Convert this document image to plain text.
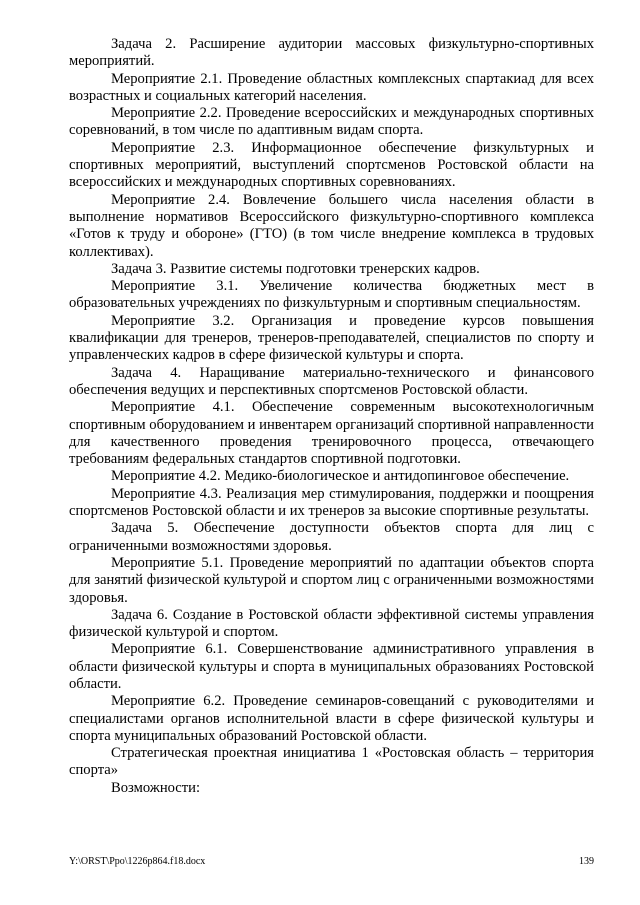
Задача 2. Расширение аудитории массовых физкультурно-спортивных мероприятий.

Мероприятие 2.1. Проведение областных комплексных спартакиад для всех возрастных и социальных категорий населения.

Мероприятие 2.2. Проведение всероссийских и международных спортивных соревнований, в том числе по адаптивным видам спорта.

Мероприятие 2.3. Информационное обеспечение физкультурных и спортивных мероприятий, выступлений спортсменов Ростовской области на всероссийских и международных спортивных соревнованиях.

Мероприятие 2.4. Вовлечение большего числа населения области в выполнение нормативов Всероссийского физкультурно-спортивного комплекса «Готов к труду и обороне» (ГТО) (в том числе внедрение комплекса в трудовых коллективах).

Задача 3. Развитие системы подготовки тренерских кадров.

Мероприятие 3.1. Увеличение количества бюджетных мест в образовательных учреждениях по физкультурным и спортивным специальностям.

Мероприятие 3.2. Организация и проведение курсов повышения квалификации для тренеров, тренеров-преподавателей, специалистов по спорту и управленческих кадров в сфере физической культуры и спорта.

Задача 4. Наращивание материально-технического и финансового обеспечения ведущих и перспективных спортсменов Ростовской области.

Мероприятие 4.1. Обеспечение современным высокотехнологичным спортивным оборудованием и инвентарем организаций спортивной направленности для качественного проведения тренировочного процесса, отвечающего требованиям федеральных стандартов спортивной подготовки.

Мероприятие 4.2. Медико-биологическое и антидопинговое обеспечение.

Мероприятие 4.3. Реализация мер стимулирования, поддержки и поощрения спортсменов Ростовской области и их тренеров за высокие спортивные результаты.

Задача 5. Обеспечение доступности объектов спорта для лиц с ограниченными возможностями здоровья.

Мероприятие 5.1. Проведение мероприятий по адаптации объектов спорта для занятий физической культурой и спортом лиц с ограниченными возможностями здоровья.

Задача 6. Создание в Ростовской области эффективной системы управления физической культурой и спортом.

Мероприятие 6.1. Совершенствование административного управления в области физической культуры и спорта в муниципальных образованиях Ростовской области.

Мероприятие 6.2. Проведение семинаров-совещаний с руководителями и специалистами органов исполнительной власти в сфере физической культуры и спорта муниципальных образований Ростовской области.

Стратегическая проектная инициатива 1 «Ростовская область – территория спорта»

Возможности:

Y:\ORST\Ppo\1226p864.f18.docx	139
